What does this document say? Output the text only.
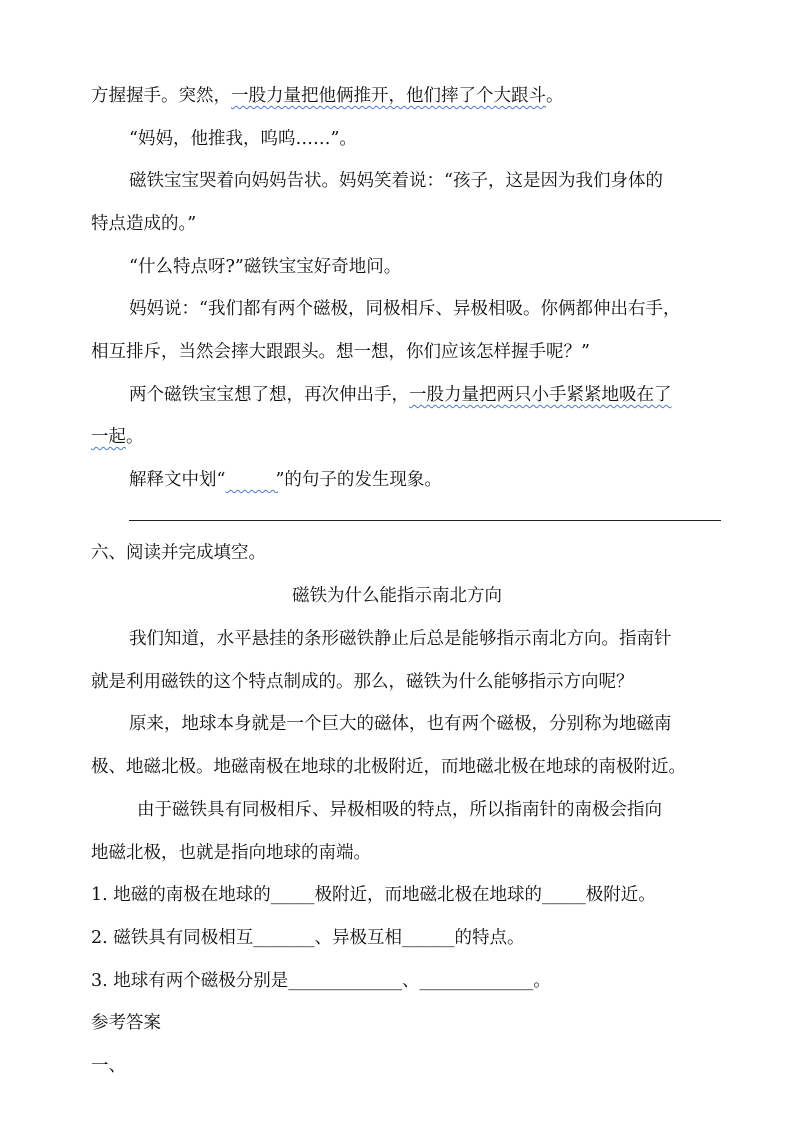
方握握手。突然，一股力量把他俩推开，他们摔了个大跟斗。
“妈妈，他推我，呜呜……”。
磁铁宝宝哭着向妈妈告状。妈妈笑着说：“孩子，这是因为我们身体的
特点造成的。”
“什么特点呀?”磁铁宝宝好奇地问。
妈妈说：“我们都有两个磁极，同极相斥、异极相吸。你俩都伸出右手，
相互排斥，当然会摔大跟跟头。想一想，你们应该怎样握手呢？”
两个磁铁宝宝想了想，再次伸出手，一股力量把两只小手紧紧地吸在了
一起。
解释文中划“	”的句子的发生现象。
六、阅读并完成填空。
磁铁为什么能指示南北方向
我们知道，水平悬挂的条形磁铁静止后总是能够指示南北方向。指南针
就是利用磁铁的这个特点制成的。那么，磁铁为什么能够指示方向呢？
原来，地球本身就是一个巨大的磁体，也有两个磁极，分别称为地磁南
极、地磁北极。地磁南极在地球的北极附近，而地磁北极在地球的南极附近。
由于磁铁具有同极相斥、异极相吸的特点，所以指南针的南极会指向
地磁北极，也就是指向地球的南端。
1. 地磁的南极在地球的_____极附近，而地磁北极在地球的_____极附近。
2. 磁铁具有同极相互_______、异极互相______的特点。
3. 地球有两个磁极分别是_____________、_____________。
参考答案
一、
